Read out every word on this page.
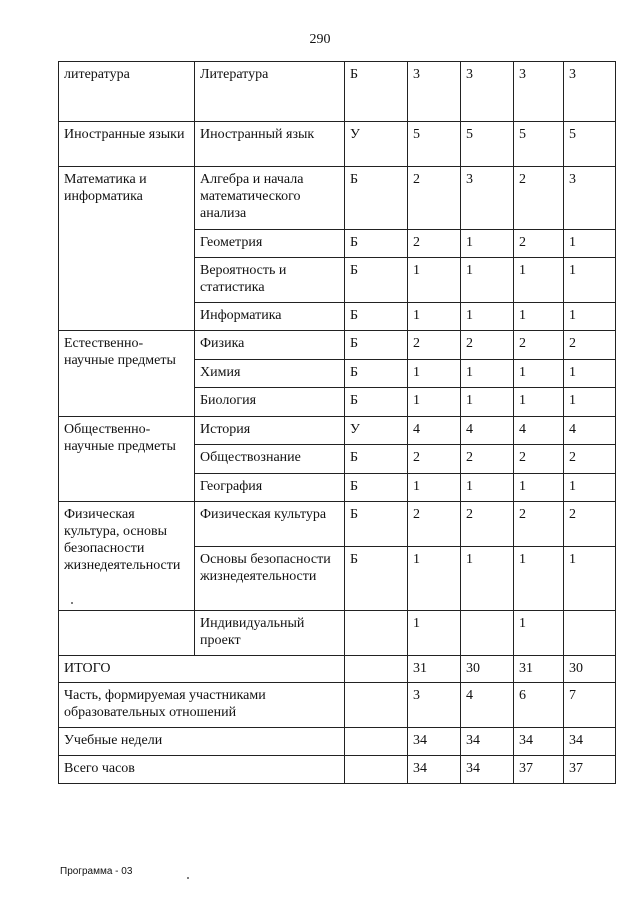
290
литература	Литература	Б	3	3	3	3
Иностранные языки	Иностранный язык	У	5	5	5	5
Математика и информатика	Алгебра и начала математического анализа	Б	2	3	2	3
	Геометрия	Б	2	1	2	1
	Вероятность и статистика	Б	1	1	1	1
	Информатика	Б	1	1	1	1
Естественно-научные предметы	Физика	Б	2	2	2	2
	Химия	Б	1	1	1	1
	Биология	Б	1	1	1	1
Общественно-научные предметы	История	У	4	4	4	4
	Обществознание	Б	2	2	2	2
	География	Б	1	1	1	1
Физическая культура, основы безопасности жизнедеятельности	Физическая культура	Б	2	2	2	2
	Основы безопасности жизнедеятельности	Б	1	1	1	1
	Индивидуальный проект		1		1	
ИТОГО			31	30	31	30
Часть, формируемая участниками образовательных отношений			3	4	6	7
Учебные недели			34	34	34	34
Всего часов			34	34	37	37
Программа - 03
